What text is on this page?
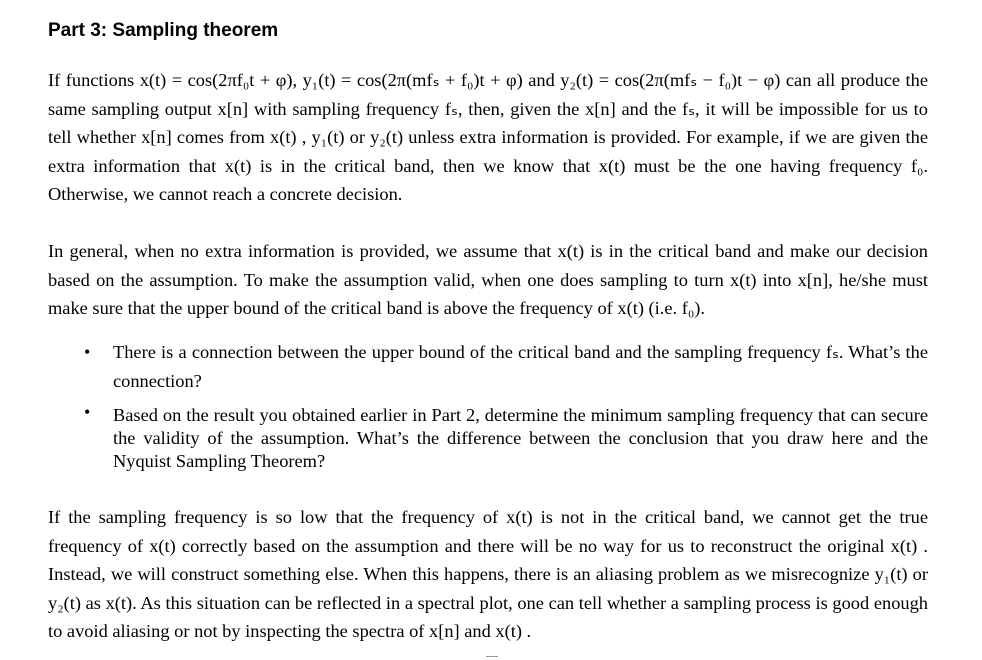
Part 3: Sampling theorem

If functions x(t) = cos(2πf₀t + φ), y₁(t) = cos(2π(mfₛ + f₀)t + φ) and y₂(t) = cos(2π(mfₛ − f₀)t − φ) can all produce the same sampling output x[n] with sampling frequency fₛ, then, given the x[n] and the fₛ, it will be impossible for us to tell whether x[n] comes from x(t) , y₁(t) or y₂(t) unless extra information is provided. For example, if we are given the extra information that x(t) is in the critical band, then we know that x(t) must be the one having frequency f₀. Otherwise, we cannot reach a concrete decision.

In general, when no extra information is provided, we assume that x(t) is in the critical band and make our decision based on the assumption. To make the assumption valid, when one does sampling to turn x(t) into x[n], he/she must make sure that the upper bound of the critical band is above the frequency of x(t) (i.e. f₀).

• There is a connection between the upper bound of the critical band and the sampling frequency fₛ. What’s the connection?
• Based on the result you obtained earlier in Part 2, determine the minimum sampling frequency that can secure the validity of the assumption. What’s the difference between the conclusion that you draw here and the Nyquist Sampling Theorem?

If the sampling frequency is so low that the frequency of x(t) is not in the critical band, we cannot get the true frequency of x(t) correctly based on the assumption and there will be no way for us to reconstruct the original x(t) . Instead, we will construct something else. When this happens, there is an aliasing problem as we misrecognize y₁(t) or y₂(t) as x(t). As this situation can be reflected in a spectral plot, one can tell whether a sampling process is good enough to avoid aliasing or not by inspecting the spectra of x[n] and x(t) .
